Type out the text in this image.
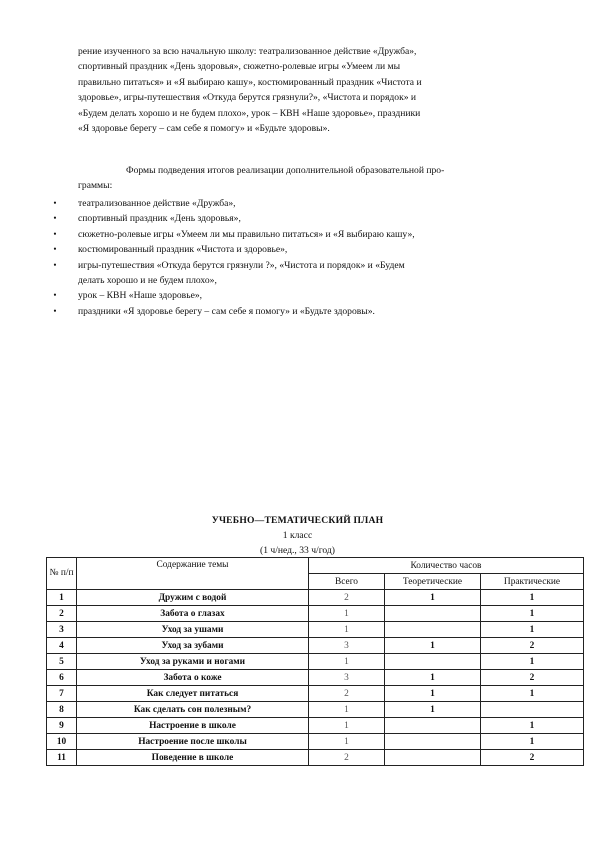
рение изученного за всю начальную школу: театрализованное действие «Дружба»,

спортивный праздник «День здоровья», сюжетно-ролевые игры «Умеем ли мы

правильно питаться» и «Я выбираю кашу», костюмированный праздник «Чистота и

здоровье», игры-путешествия «Откуда берутся грязнули?», «Чистота и порядок» и

«Будем делать хорошо и не будем плохо», урок – КВН «Наше здоровье», праздники

«Я здоровье берегу – сам себе я помогу» и «Будьте здоровы».

Формы подведения итогов реализации дополнительной образовательной про-

граммы:

•	театрализованное действие «Дружба»,
•	спортивный праздник «День здоровья»,
•	сюжетно-ролевые игры «Умеем ли мы правильно питаться» и «Я выбираю кашу»,
•	костюмированный праздник «Чистота и здоровье»,
•	игры-путешествия «Откуда берутся грязнули ?», «Чистота и порядок» и «Будем
делать хорошо и не будем плохо»,
•	урок – КВН «Наше здоровье»,
•	праздники «Я здоровье берегу – сам себе я помогу» и «Будьте здоровы».
УЧЕБНО—ТЕМАТИЧЕСКИЙ ПЛАН
1 класс
(1 ч/нед., 33 ч/год)
№ п/п	Содержание темы	Количество часов		
		Всего	Теоретические	Практические
1	Дружим с водой	2	1	1
2	Забота о глазах	1		1
3	Уход за ушами	1		1
4	Уход за зубами	3	1	2
5	Уход за руками и ногами	1		1
6	Забота о коже	3	1	2
7	Как следует питаться	2	1	1
8	Как сделать сон полезным?	1	1	
9	Настроение в школе	1		1
10	Настроение после школы	1		1
11	Поведение в школе	2		2
